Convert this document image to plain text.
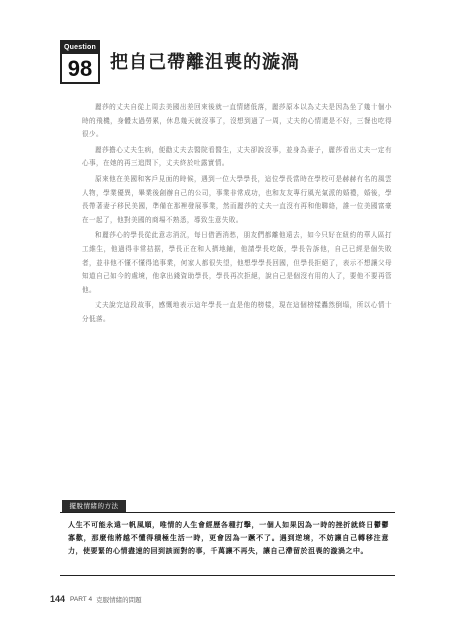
Question
98 把自己帶離沮喪的漩渦

麗莎的丈夫自從上周去美國出差回來後就一直情緒低落，麗莎原本以為丈夫是因為坐了幾十個小時的飛機，身體太過勞累，休息幾天就沒事了，沒想到過了一周，丈夫的心情還是不好，三餐也吃得很少。

麗莎擔心丈夫生病，便勸丈夫去醫院看醫生，丈夫卻說沒事，並身為妻子，麗莎看出丈夫一定有心事，在她的再三追問下，丈夫終於吐露實情。

原來他在美國和客戶見面的時候，遇到一位大學學長，這位學長當時在學校可是赫赫有名的風雲人物，學業優異，畢業後創辦自己的公司，事業非常成功，也和友友專行風光氣派的婚禮，婚後，學長帶著妻子移民美國，準備在那裡發展事業，然而麗莎的丈夫一直沒有再和他聯絡，誰一位美國富豪在一起了，他對美國的商場不熟悉，導致生意失敗。

和麗莎心的學長從此意志消沉，每日借酒消愁，朋友們都離他遠去，如今只好在紐約的華人區打工維生，他過得非常拮据，學長正在和人擠地鋪，他請學長吃飯，學長告訴他，自己已經是個失敗者，並非他不懂不懂得追事業，何家人都很失望，他想學學長回國，但學長拒絕了，表示不想讓父母知道自己如今的處境，他拿出錢資助學長，學長再次拒絕，說自己是個沒有用的人了，要他不要再管他。

丈夫說完這段故事，感慨地表示這年學長一直是他的榜樣，現在這個榜樣轟然倒塌，所以心情十分低落。

擺脫情緒的方法

人生不可能永遠一帆風順，唯情的人生會經歷各種打擊，一個人如果因為一時的挫折就終日鬱鬱寡歡，那麼他將越不懂得積極生活一時，更會因為一蹶不了。遇到逆境，不妨讓自己轉移注意力，使要緊的心情盡速的回到該面對的事，千萬讓不再失，讓自己滯留於沮喪的漩渦之中。

144 PART 4 克服情緒的問題
